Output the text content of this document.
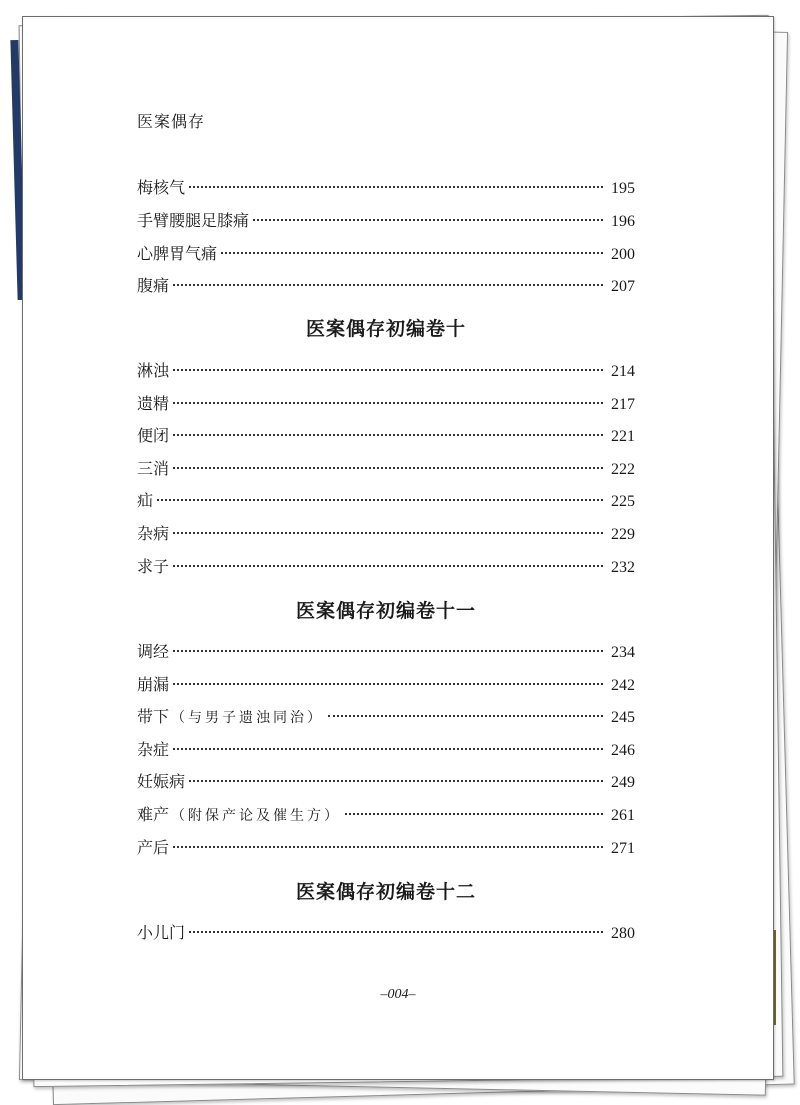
医案偶存
梅核气	195
手臂腰腿足膝痛	196
心脾胃气痛	200
腹痛	207
医案偶存初编卷十
淋浊	214
遗精	217
便闭	221
三消	222
疝	225
杂病	229
求子	232
医案偶存初编卷十一
调经	234
崩漏	242
带下 （与男子遗浊同治）	245
杂症	246
妊娠病	249
难产 （附保产论及催生方）	261
产后	271
医案偶存初编卷十二
小儿门	280
–004–
